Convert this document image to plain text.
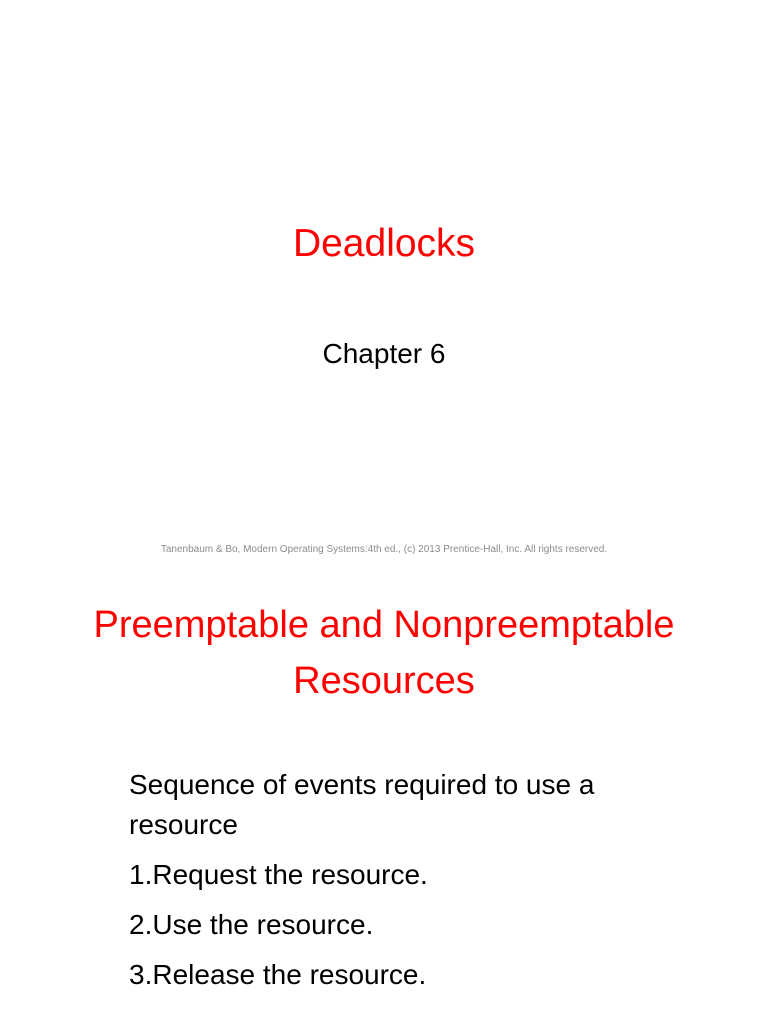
Deadlocks
Chapter 6
Tanenbaum & Bo, Modern Operating Systems:4th ed., (c) 2013 Prentice-Hall, Inc. All rights reserved.
Preemptable and Nonpreemptable
Resources
Sequence of events required to use a resource
1.Request the resource.
2.Use the resource.
3.Release the resource.
